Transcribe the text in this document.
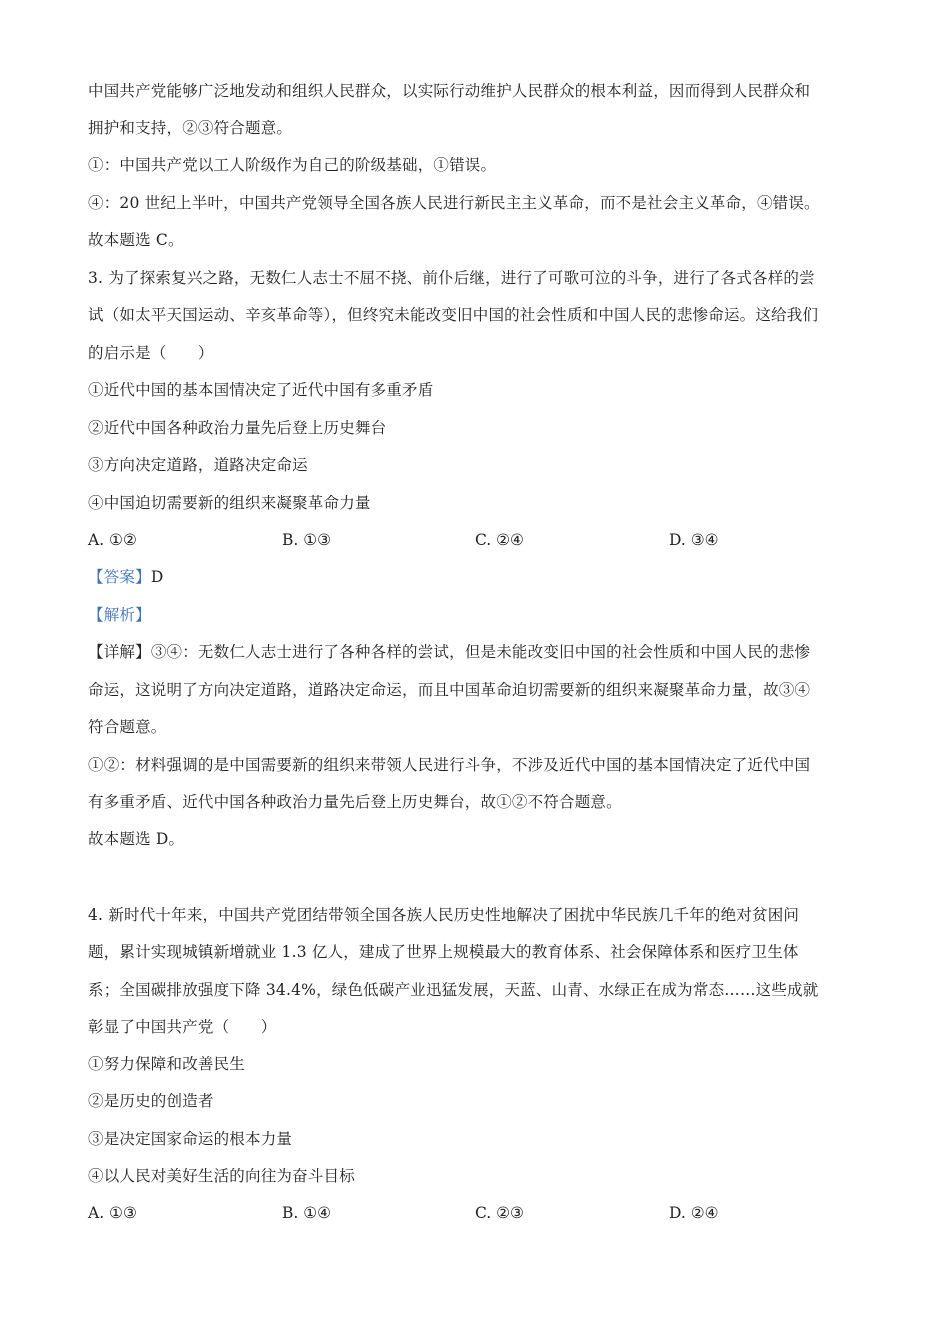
中国共产党能够广泛地发动和组织人民群众，以实际行动维护人民群众的根本利益，因而得到人民群众和
拥护和支持，②③符合题意。
①：中国共产党以工人阶级作为自己的阶级基础，①错误。
④：20 世纪上半叶，中国共产党领导全国各族人民进行新民主主义革命，而不是社会主义革命，④错误。
故本题选 C。
3. 为了探索复兴之路，无数仁人志士不屈不挠、前仆后继，进行了可歌可泣的斗争，进行了各式各样的尝
试（如太平天国运动、辛亥革命等），但终究未能改变旧中国的社会性质和中国人民的悲惨命运。这给我们
的启示是（　　）
①近代中国的基本国情决定了近代中国有多重矛盾
②近代中国各种政治力量先后登上历史舞台
③方向决定道路，道路决定命运
④中国迫切需要新的组织来凝聚革命力量
A. ①②	B. ①③	C. ②④	D. ③④
【答案】D
【解析】
【详解】③④：无数仁人志士进行了各种各样的尝试，但是未能改变旧中国的社会性质和中国人民的悲惨
命运，这说明了方向决定道路，道路决定命运，而且中国革命迫切需要新的组织来凝聚革命力量，故③④
符合题意。
①②：材料强调的是中国需要新的组织来带领人民进行斗争，不涉及近代中国的基本国情决定了近代中国
有多重矛盾、近代中国各种政治力量先后登上历史舞台，故①②不符合题意。
故本题选 D。
4. 新时代十年来，中国共产党团结带领全国各族人民历史性地解决了困扰中华民族几千年的绝对贫困问
题，累计实现城镇新增就业 1.3 亿人，建成了世界上规模最大的教育体系、社会保障体系和医疗卫生体
系；全国碳排放强度下降 34.4%，绿色低碳产业迅猛发展，天蓝、山青、水绿正在成为常态……这些成就
彰显了中国共产党（　　）
①努力保障和改善民生
②是历史的创造者
③是决定国家命运的根本力量
④以人民对美好生活的向往为奋斗目标
A. ①③	B. ①④	C. ②③	D. ②④
